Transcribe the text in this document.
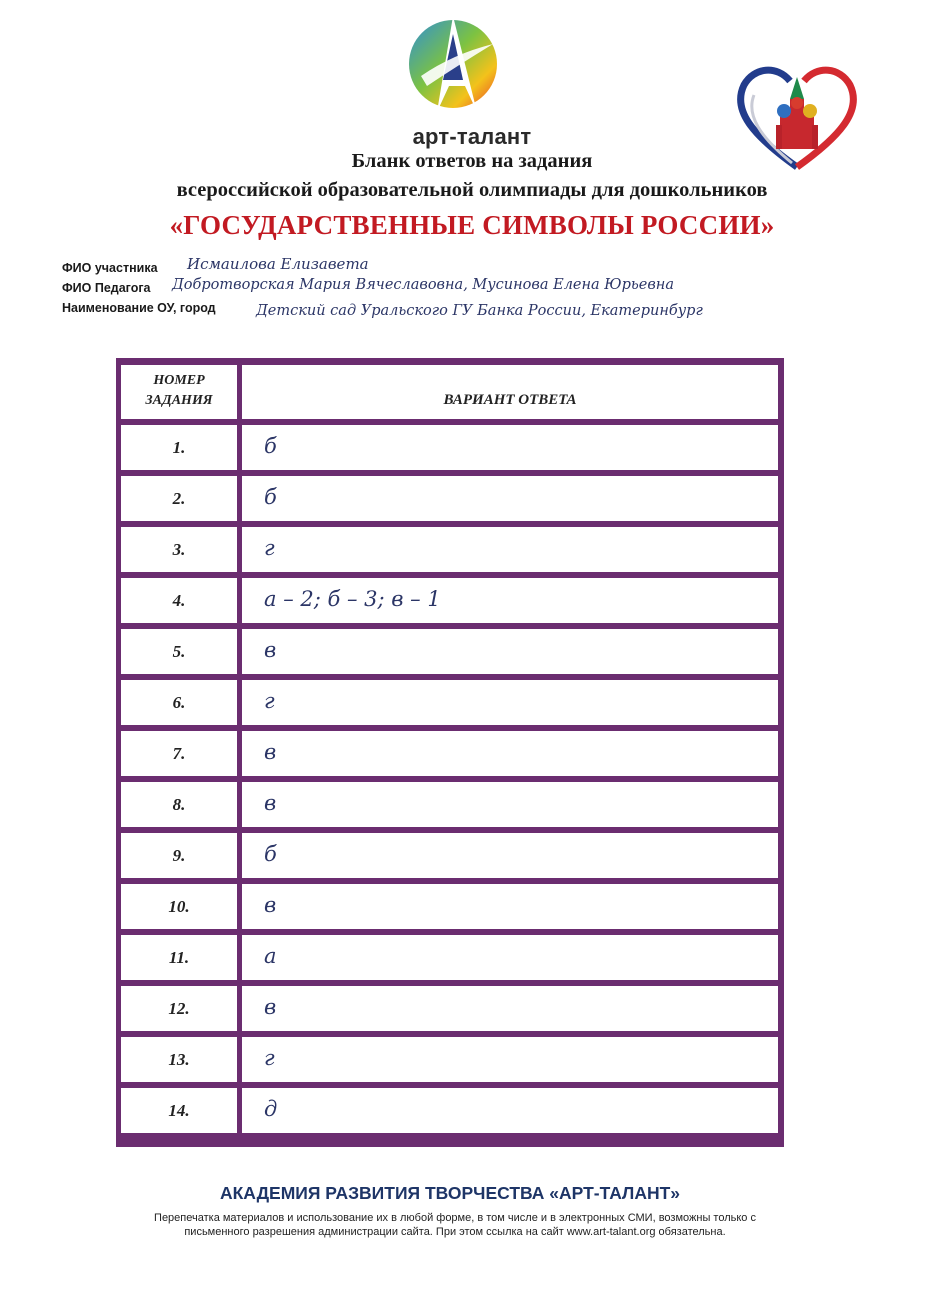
арт-талант
Бланк ответов на задания
всероссийской образовательной олимпиады для дошкольников
«ГОСУДАРСТВЕННЫЕ СИМВОЛЫ РОССИИ»
ФИО участника Исмаилова Елизавета
ФИО Педагога Добротворская Мария Вячеславовна, Мусинова Елена Юрьевна
Наименование ОУ, город	Детский сад Уральского ГУ Банка России, Екатеринбург
НОМЕР
ЗАДАНИЯ	ВАРИАНТ ОТВЕТА
1.	б
2.	б
3.	г
4.	а – 2; б – 3; в – 1
5.	в
6.	г
7.	в
8.	в
9.	б
10.	в
11.	а
12.	в
13.	г
14.	д
АКАДЕМИЯ РАЗВИТИЯ ТВОРЧЕСТВА «АРТ-ТАЛАНТ»
Перепечатка материалов и использование их в любой форме, в том числе и в электронных СМИ, возможны только с
письменного разрешения администрации сайта. При этом ссылка на сайт www.art-talant.org обязательна.
